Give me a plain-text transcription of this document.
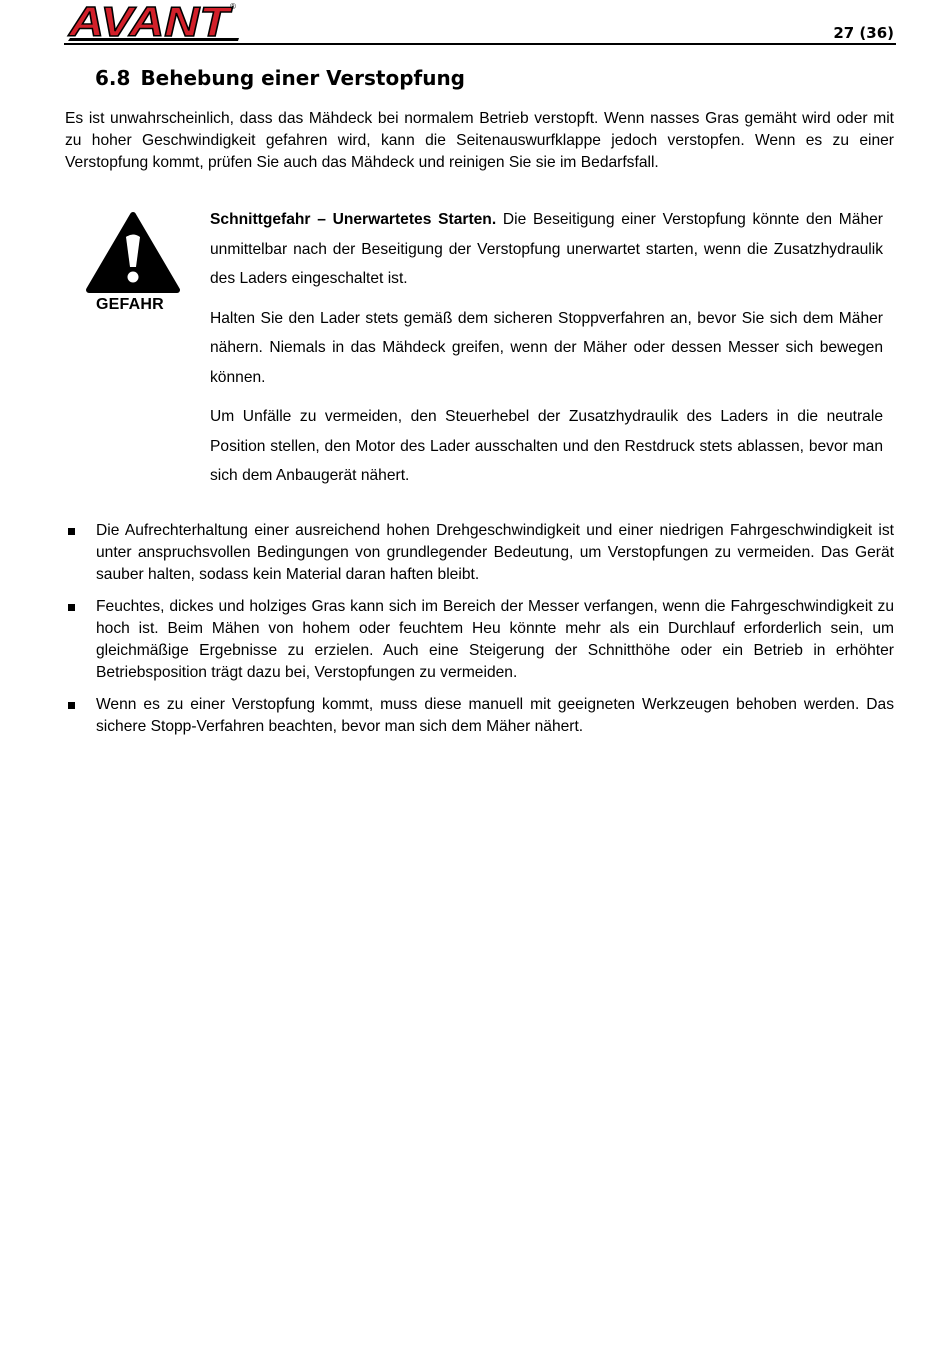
AVANT
®
27 (36)
6.8 Behebung einer Verstopfung

Es ist unwahrscheinlich, dass das Mähdeck bei normalem Betrieb verstopft. Wenn nasses Gras gemäht wird oder mit zu hoher Geschwindigkeit gefahren wird, kann die Seitenauswurfklappe jedoch verstopfen. Wenn es zu einer Verstopfung kommt, prüfen Sie auch das Mähdeck und reinigen Sie sie im Bedarfsfall.

GEFAHR

Schnittgefahr – Unerwartetes Starten. Die Beseitigung einer Verstopfung könnte den Mäher unmittelbar nach der Beseitigung der Verstopfung unerwartet starten, wenn die Zusatzhydraulik des Laders eingeschaltet ist.

Halten Sie den Lader stets gemäß dem sicheren Stoppverfahren an, bevor Sie sich dem Mäher nähern. Niemals in das Mähdeck greifen, wenn der Mäher oder dessen Messer sich bewegen können.

Um Unfälle zu vermeiden, den Steuerhebel der Zusatzhydraulik des Laders in die neutrale Position stellen, den Motor des Lader ausschalten und den Restdruck stets ablassen, bevor man sich dem Anbaugerät nähert.

Die Aufrechterhaltung einer ausreichend hohen Drehgeschwindigkeit und einer niedrigen Fahrgeschwindigkeit ist unter anspruchsvollen Bedingungen von grundlegender Bedeutung, um Verstopfungen zu vermeiden. Das Gerät sauber halten, sodass kein Material daran haften bleibt.
Feuchtes, dickes und holziges Gras kann sich im Bereich der Messer verfangen, wenn die Fahrgeschwindigkeit zu hoch ist. Beim Mähen von hohem oder feuchtem Heu könnte mehr als ein Durchlauf erforderlich sein, um gleichmäßige Ergebnisse zu erzielen. Auch eine Steigerung der Schnitthöhe oder ein Betrieb in erhöhter Betriebsposition trägt dazu bei, Verstopfungen zu vermeiden.
Wenn es zu einer Verstopfung kommt, muss diese manuell mit geeigneten Werkzeugen behoben werden. Das sichere Stopp-Verfahren beachten, bevor man sich dem Mäher nähert.
